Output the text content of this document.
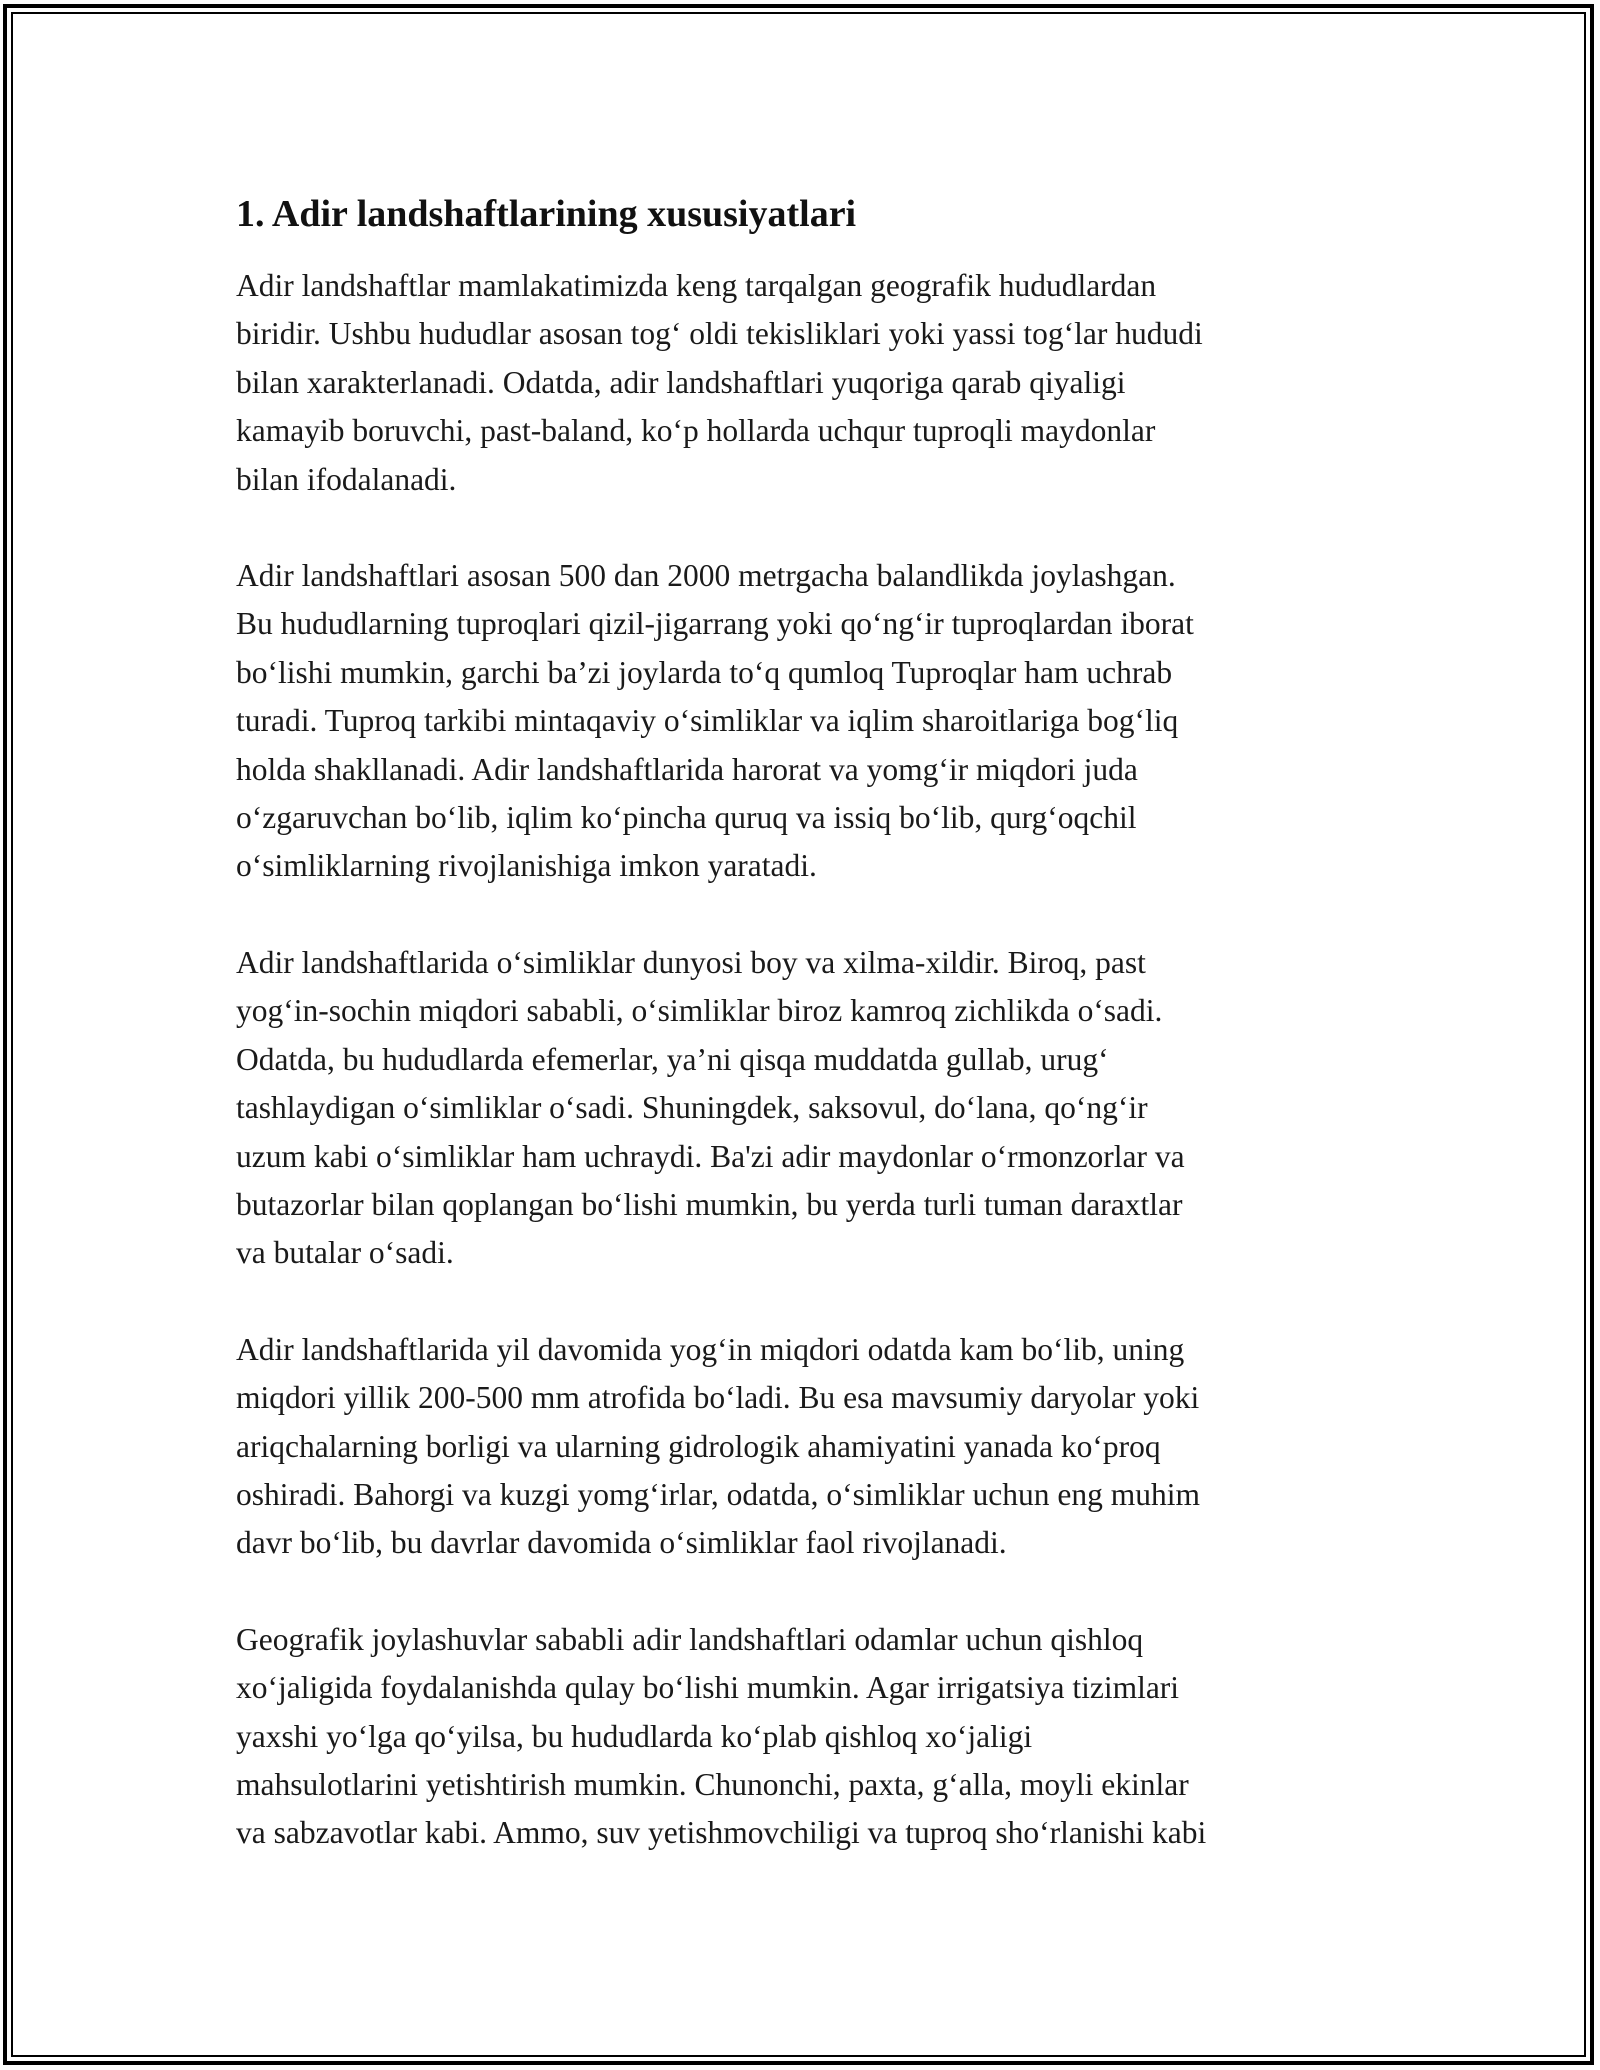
1. Adir landshaftlarining xususiyatlari

Adir landshaftlar mamlakatimizda keng tarqalgan geografik hududlardan
biridir. Ushbu hududlar asosan tog‘ oldi tekisliklari yoki yassi tog‘lar hududi
bilan xarakterlanadi. Odatda, adir landshaftlari yuqoriga qarab qiyaligi
kamayib boruvchi, past-baland, ko‘p hollarda uchqur tuproqli maydonlar
bilan ifodalanadi.

Adir landshaftlari asosan 500 dan 2000 metrgacha balandlikda joylashgan.
Bu hududlarning tuproqlari qizil-jigarrang yoki qo‘ng‘ir tuproqlardan iborat
bo‘lishi mumkin, garchi ba’zi joylarda to‘q qumloq Tuproqlar ham uchrab
turadi. Tuproq tarkibi mintaqaviy o‘simliklar va iqlim sharoitlariga bog‘liq
holda shakllanadi. Adir landshaftlarida harorat va yomg‘ir miqdori juda
o‘zgaruvchan bo‘lib, iqlim ko‘pincha quruq va issiq bo‘lib, qurg‘oqchil
o‘simliklarning rivojlanishiga imkon yaratadi.

Adir landshaftlarida o‘simliklar dunyosi boy va xilma-xildir. Biroq, past
yog‘in-sochin miqdori sababli, o‘simliklar biroz kamroq zichlikda o‘sadi.
Odatda, bu hududlarda efemerlar, ya’ni qisqa muddatda gullab, urug‘
tashlaydigan o‘simliklar o‘sadi. Shuningdek, saksovul, do‘lana, qo‘ng‘ir
uzum kabi o‘simliklar ham uchraydi. Ba'zi adir maydonlar o‘rmonzorlar va
butazorlar bilan qoplangan bo‘lishi mumkin, bu yerda turli tuman daraxtlar
va butalar o‘sadi.

Adir landshaftlarida yil davomida yog‘in miqdori odatda kam bo‘lib, uning
miqdori yillik 200-500 mm atrofida bo‘ladi. Bu esa mavsumiy daryolar yoki
ariqchalarning borligi va ularning gidrologik ahamiyatini yanada ko‘proq
oshiradi. Bahorgi va kuzgi yomg‘irlar, odatda, o‘simliklar uchun eng muhim
davr bo‘lib, bu davrlar davomida o‘simliklar faol rivojlanadi.

Geografik joylashuvlar sababli adir landshaftlari odamlar uchun qishloq
xo‘jaligida foydalanishda qulay bo‘lishi mumkin. Agar irrigatsiya tizimlari
yaxshi yo‘lga qo‘yilsa, bu hududlarda ko‘plab qishloq xo‘jaligi
mahsulotlarini yetishtirish mumkin. Chunonchi, paxta, g‘alla, moyli ekinlar
va sabzavotlar kabi. Ammo, suv yetishmovchiligi va tuproq sho‘rlanishi kabi
